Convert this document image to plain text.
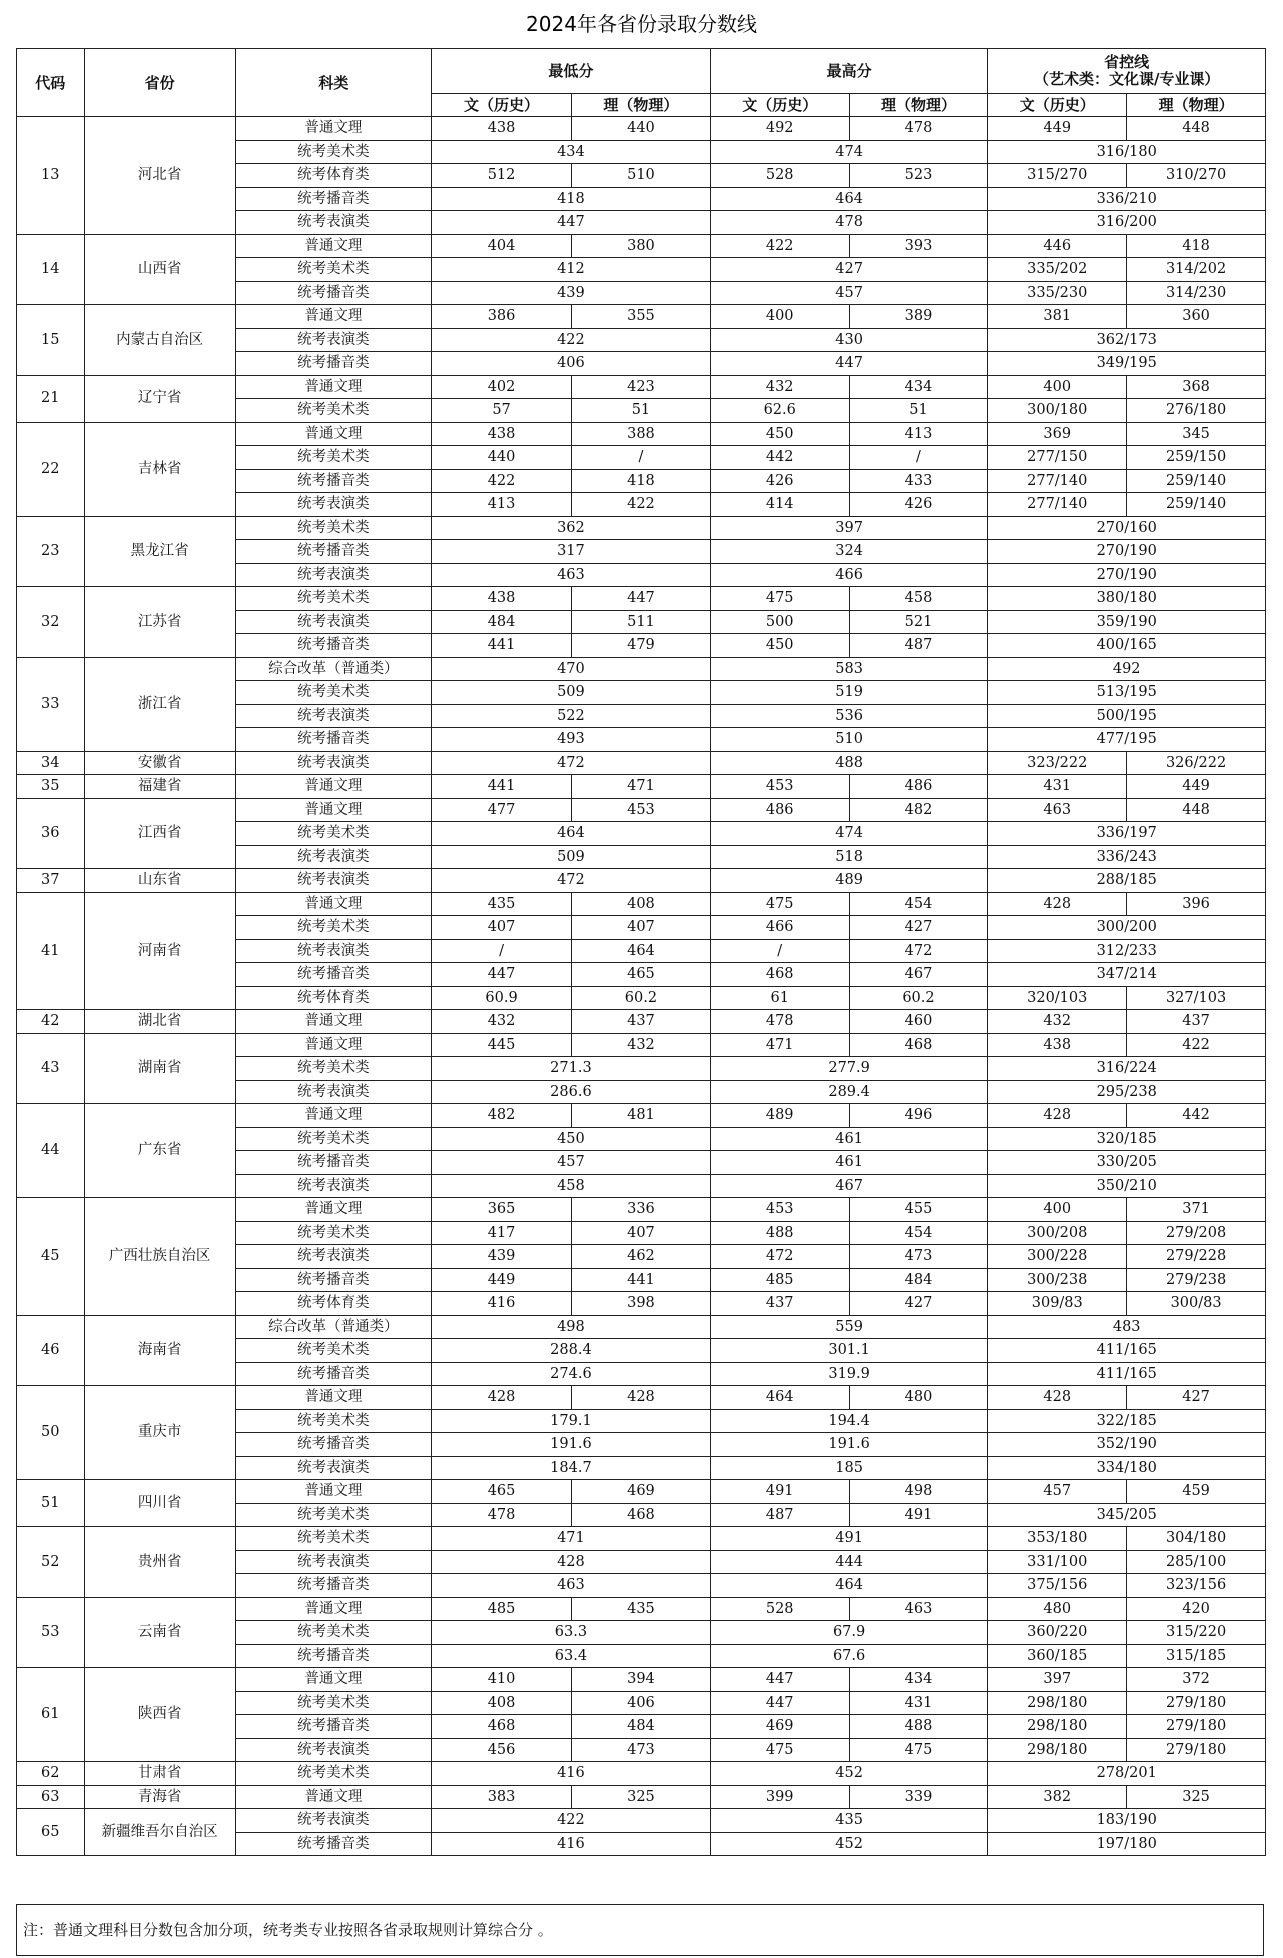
2024年各省份录取分数线
代码	省份	科类	最低分		最高分		省控线
（艺术类：文化课/专业课）	

			文（历史）	理（物理）	文（历史）	理（物理）	文（历史）	理（物理）
13	河北省	普通文理	438	440	492	478	449	448
		统考美术类	434		474		316/180	
		统考体育类	512	510	528	523	315/270	310/270
		统考播音类	418		464		336/210	
		统考表演类	447		478		316/200	
14	山西省	普通文理	404	380	422	393	446	418
		统考美术类	412		427		335/202	314/202
		统考播音类	439		457		335/230	314/230
15	内蒙古自治区	普通文理	386	355	400	389	381	360
		统考表演类	422		430		362/173	
		统考播音类	406		447		349/195	
21	辽宁省	普通文理	402	423	432	434	400	368
		统考美术类	57	51	62.6	51	300/180	276/180
22	吉林省	普通文理	438	388	450	413	369	345
		统考美术类	440	/	442	/	277/150	259/150
		统考播音类	422	418	426	433	277/140	259/140
		统考表演类	413	422	414	426	277/140	259/140
23	黑龙江省	统考美术类	362		397		270/160	
		统考播音类	317		324		270/190	
		统考表演类	463		466		270/190	
32	江苏省	统考美术类	438	447	475	458	380/180	
		统考表演类	484	511	500	521	359/190	
		统考播音类	441	479	450	487	400/165	
33	浙江省	综合改革（普通类）	470		583		492	
		统考美术类	509		519		513/195	
		统考表演类	522		536		500/195	
		统考播音类	493		510		477/195	
34	安徽省	统考表演类	472		488		323/222	326/222
35	福建省	普通文理	441	471	453	486	431	449
36	江西省	普通文理	477	453	486	482	463	448
		统考美术类	464		474		336/197	
		统考表演类	509		518		336/243	
37	山东省	统考表演类	472		489		288/185	
41	河南省	普通文理	435	408	475	454	428	396
		统考美术类	407	407	466	427	300/200	
		统考表演类	/	464	/	472	312/233	
		统考播音类	447	465	468	467	347/214	
		统考体育类	60.9	60.2	61	60.2	320/103	327/103
42	湖北省	普通文理	432	437	478	460	432	437
43	湖南省	普通文理	445	432	471	468	438	422
		统考美术类	271.3		277.9		316/224	
		统考表演类	286.6		289.4		295/238	
44	广东省	普通文理	482	481	489	496	428	442
		统考美术类	450		461		320/185	
		统考播音类	457		461		330/205	
		统考表演类	458		467		350/210	
45	广西壮族自治区	普通文理	365	336	453	455	400	371
		统考美术类	417	407	488	454	300/208	279/208
		统考表演类	439	462	472	473	300/228	279/228
		统考播音类	449	441	485	484	300/238	279/238
		统考体育类	416	398	437	427	309/83	300/83
46	海南省	综合改革（普通类）	498		559		483	
		统考美术类	288.4		301.1		411/165	
		统考播音类	274.6		319.9		411/165	
50	重庆市	普通文理	428	428	464	480	428	427
		统考美术类	179.1		194.4		322/185	
		统考播音类	191.6		191.6		352/190	
		统考表演类	184.7		185		334/180	
51	四川省	普通文理	465	469	491	498	457	459
		统考美术类	478	468	487	491	345/205	
52	贵州省	统考美术类	471		491		353/180	304/180
		统考表演类	428		444		331/100	285/100
		统考播音类	463		464		375/156	323/156
53	云南省	普通文理	485	435	528	463	480	420
		统考美术类	63.3		67.9		360/220	315/220
		统考播音类	63.4		67.6		360/185	315/185
61	陕西省	普通文理	410	394	447	434	397	372
		统考美术类	408	406	447	431	298/180	279/180
		统考播音类	468	484	469	488	298/180	279/180
		统考表演类	456	473	475	475	298/180	279/180
62	甘肃省	统考美术类	416		452		278/201	
63	青海省	普通文理	383	325	399	339	382	325
65	新疆维吾尔自治区	统考表演类	422		435		183/190	
		统考播音类	416		452		197/180	
注：普通文理科目分数包含加分项，统考类专业按照各省录取规则计算综合分 。
